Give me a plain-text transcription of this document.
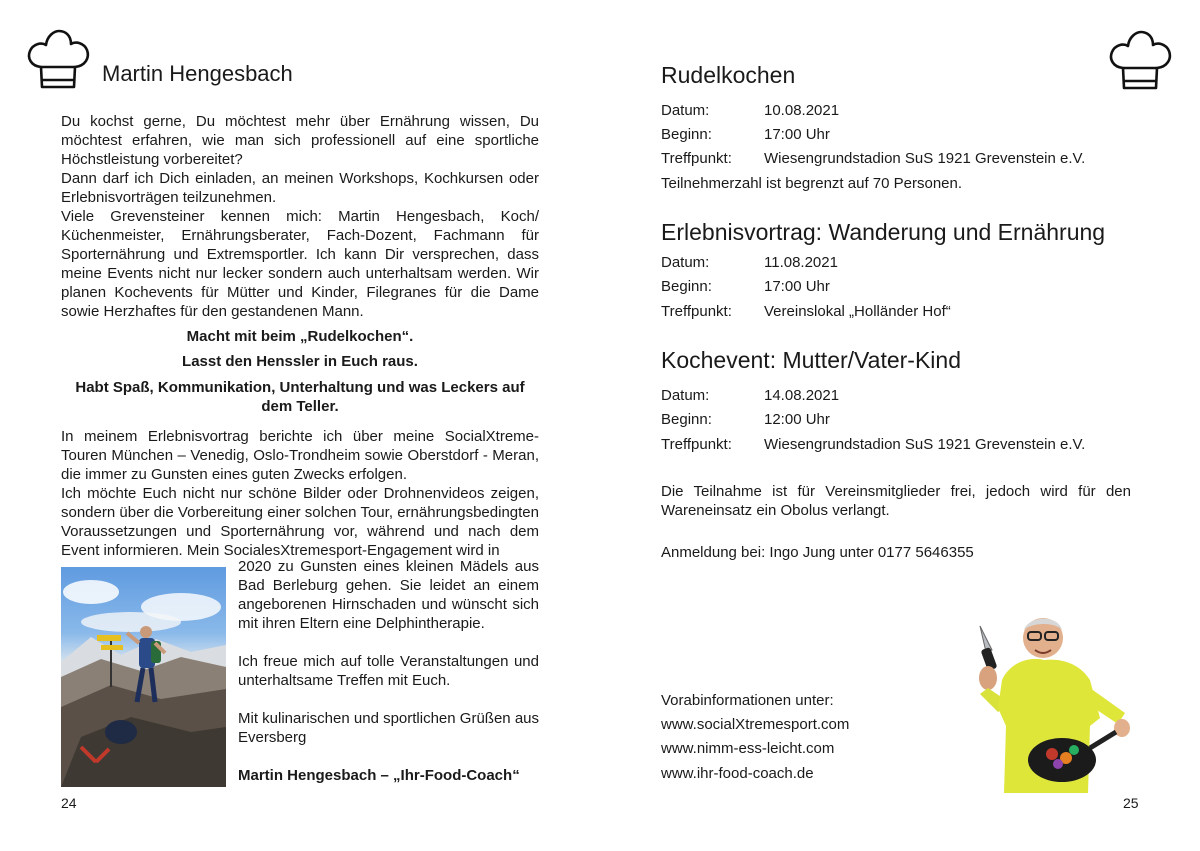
Martin Hengesbach

Du kochst gerne, Du möchtest mehr über Ernährung wissen, Du möchtest erfahren, wie man sich professionell auf eine sportliche Höchstleistung vorbereitet?

Dann darf ich Dich einladen, an meinen Workshops, Kochkursen oder Erlebnisvorträgen teilzunehmen.

Viele Grevensteiner kennen mich: Martin Hengesbach, Koch/ Küchenmeister, Ernährungsberater, Fach-Dozent, Fachmann für Sporternährung und Extremsportler. Ich kann Dir versprechen, dass meine Events nicht nur lecker sondern auch unterhaltsam werden. Wir planen Kochevents für Mütter und Kinder, Filegranes für die Dame sowie Herzhaftes für den gestandenen Mann.

Macht mit beim „Rudelkochen“.

Lasst den Henssler in Euch raus.

Habt Spaß, Kommunikation, Unterhaltung und was Leckers auf dem Teller.

In meinem Erlebnisvortrag berichte ich über meine SocialXtreme-Touren München – Venedig, Oslo-Trondheim sowie Oberstdorf - Meran, die immer zu Gunsten eines guten Zwecks erfolgen.

Ich möchte Euch nicht nur schöne Bilder oder Drohnenvideos zeigen, sondern über die Vorbereitung einer solchen Tour, ernährungsbedingten Voraussetzungen und Sporternährung vor, während und nach dem Event informieren. Mein SocialesXtremesport-Engagement wird in

2020 zu Gunsten eines kleinen Mädels aus Bad Berleburg gehen. Sie leidet an einem angeborenen Hirnschaden und wünscht sich mit ihren Eltern eine Delphintherapie.

Ich freue mich auf tolle Veranstaltungen und unterhaltsame Treffen mit Euch.

Mit kulinarischen und sportlichen Grüßen aus Eversberg

Martin Hengesbach – „Ihr-Food-Coach“

24
Rudelkochen
Datum:	10.08.2021
Beginn:	17:00 Uhr
Treffpunkt: Wiesengrundstadion SuS 1921 Grevenstein e.V.

Teilnehmerzahl ist begrenzt auf 70 Personen.

Erlebnisvortrag: Wanderung und Ernährung
Datum:	11.08.2021
Beginn:	17:00 Uhr
Treffpunkt: Vereinslokal „Holländer Hof“
Kochevent: Mutter/Vater-Kind
Datum:	14.08.2021
Beginn:	12:00 Uhr
Treffpunkt: Wiesengrundstadion SuS 1921 Grevenstein e.V.

Die Teilnahme ist für Vereinsmitglieder frei, jedoch wird für den Wareneinsatz ein Obolus verlangt.

Anmeldung bei: Ingo Jung unter 0177 5646355

Vorabinformationen unter:

www.socialXtremesport.com

www.nimm-ess-leicht.com

www.ihr-food-coach.de

25
